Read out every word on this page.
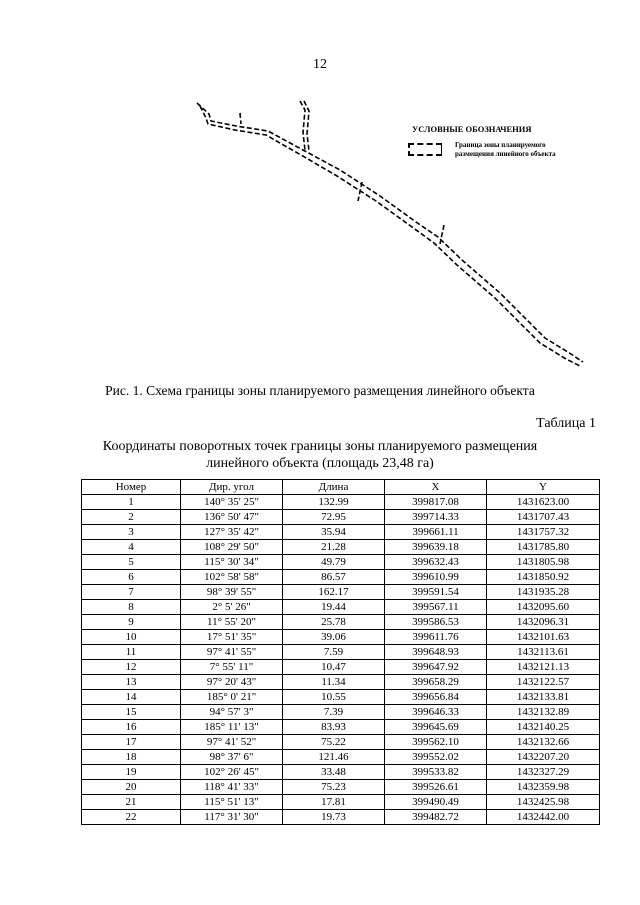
12
УСЛОВНЫЕ ОБОЗНАЧЕНИЯ
Граница зоны планируемого
размещения линейного объекта
Рис. 1. Схема границы зоны планируемого размещения линейного объекта
Таблица 1
Координаты поворотных точек границы зоны планируемого размещения
линейного объекта (площадь 23,48 га)
Номер	Дир. угол	Длина	X	Y
1	140° 35' 25"	132.99	399817.08	1431623.00
2	136° 50' 47"	72.95	399714.33	1431707.43
3	127° 35' 42"	35.94	399661.11	1431757.32
4	108° 29' 50"	21.28	399639.18	1431785.80
5	115° 30' 34"	49.79	399632.43	1431805.98
6	102° 58' 58"	86.57	399610.99	1431850.92
7	98° 39' 55"	162.17	399591.54	1431935.28
8	2° 5' 26"	19.44	399567.11	1432095.60
9	11° 55' 20"	25.78	399586.53	1432096.31
10	17° 51' 35"	39.06	399611.76	1432101.63
11	97° 41' 55"	7.59	399648.93	1432113.61
12	7° 55' 11"	10.47	399647.92	1432121.13
13	97° 20' 43"	11.34	399658.29	1432122.57
14	185° 0' 21"	10.55	399656.84	1432133.81
15	94° 57' 3"	7.39	399646.33	1432132.89
16	185° 11' 13"	83.93	399645.69	1432140.25
17	97° 41' 52"	75.22	399562.10	1432132.66
18	98° 37' 6"	121.46	399552.02	1432207.20
19	102° 26' 45"	33.48	399533.82	1432327.29
20	118° 41' 33"	75.23	399526.61	1432359.98
21	115° 51' 13"	17.81	399490.49	1432425.98
22	117° 31' 30"	19.73	399482.72	1432442.00
